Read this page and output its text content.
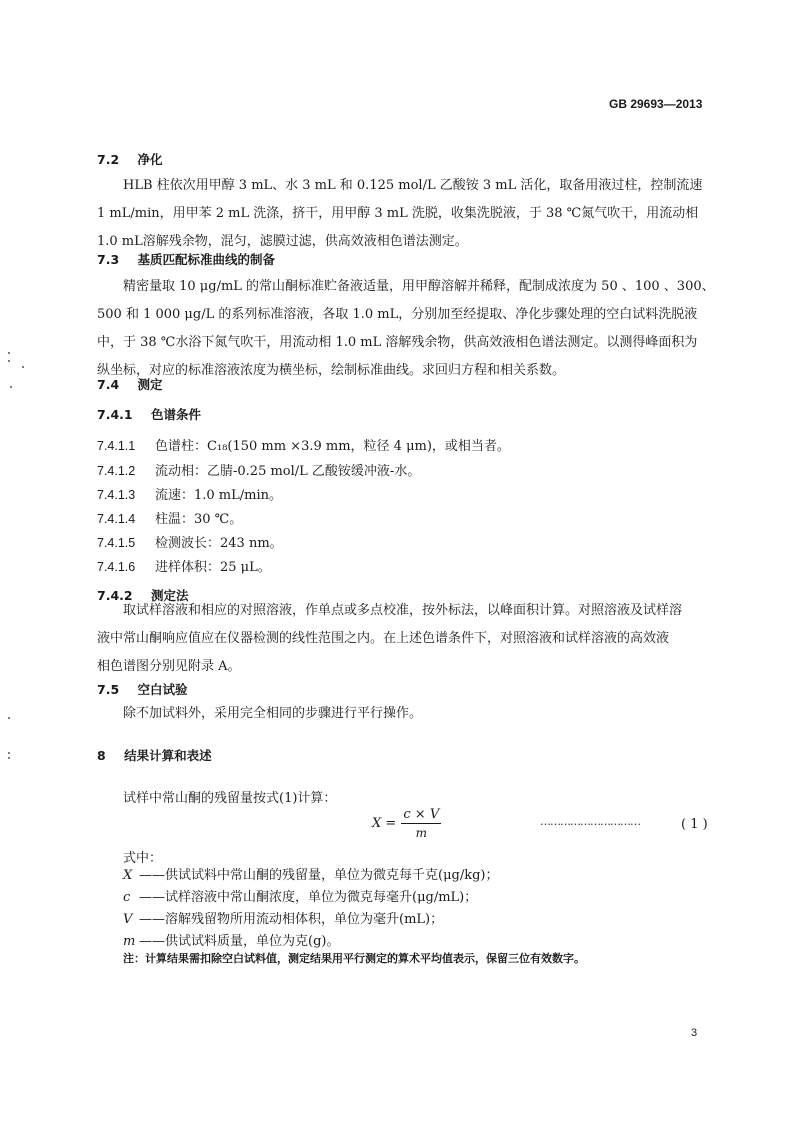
GB 29693—2013
7.2 净化
HLB 柱依次用甲醇 3 mL、水 3 mL 和 0.125 mol/L 乙酸铵 3 mL 活化，取备用液过柱，控制流速
1 mL/min，用甲苯 2 mL 洗涤，挤干，用甲醇 3 mL 洗脱，收集洗脱液，于 38 ℃氮气吹干，用流动相
1.0 mL溶解残余物，混匀，滤膜过滤，供高效液相色谱法测定。
7.3 基质匹配标准曲线的制备
精密量取 10 μg/mL 的常山酮标准贮备液适量，用甲醇溶解并稀释，配制成浓度为 50 、100 、300、
500 和 1 000 μg/L 的系列标准溶液，各取 1.0 mL，分别加至经提取、净化步骤处理的空白试料洗脱液
中，于 38 ℃水浴下氮气吹干，用流动相 1.0 mL 溶解残余物，供高效液相色谱法测定。以测得峰面积为
纵坐标，对应的标准溶液浓度为横坐标，绘制标准曲线。求回归方程和相关系数。
7.4 测定
7.4.1 色谱条件
7.4.1.1 色谱柱：C₁₈(150 mm ×3.9 mm，粒径 4 μm)，或相当者。
7.4.1.2 流动相：乙腈-0.25 mol/L 乙酸铵缓冲液-水。
7.4.1.3 流速：1.0 mL/min。
7.4.1.4 柱温：30 ℃。
7.4.1.5 检测波长：243 nm。
7.4.1.6 进样体积：25 μL。
7.4.2 测定法
取试样溶液和相应的对照溶液，作单点或多点校准，按外标法，以峰面积计算。对照溶液及试样溶
液中常山酮响应值应在仪器检测的线性范围之内。在上述色谱条件下，对照溶液和试样溶液的高效液
相色谱图分别见附录 A。
7.5 空白试验
除不加试料外，采用完全相同的步骤进行平行操作。
8 结果计算和表述
试样中常山酮的残留量按式(1)计算：
$X = \frac{c \times V}{m}$	…………………………	( 1 )
式中：
X ——供试试料中常山酮的残留量，单位为微克每千克(μg/kg)；
c ——试样溶液中常山酮浓度，单位为微克每毫升(μg/mL)；
V ——溶解残留物所用流动相体积，单位为毫升(mL)；
m ——供试试料质量，单位为克(g)。
注：计算结果需扣除空白试料值，测定结果用平行测定的算术平均值表示，保留三位有效数字。
3
